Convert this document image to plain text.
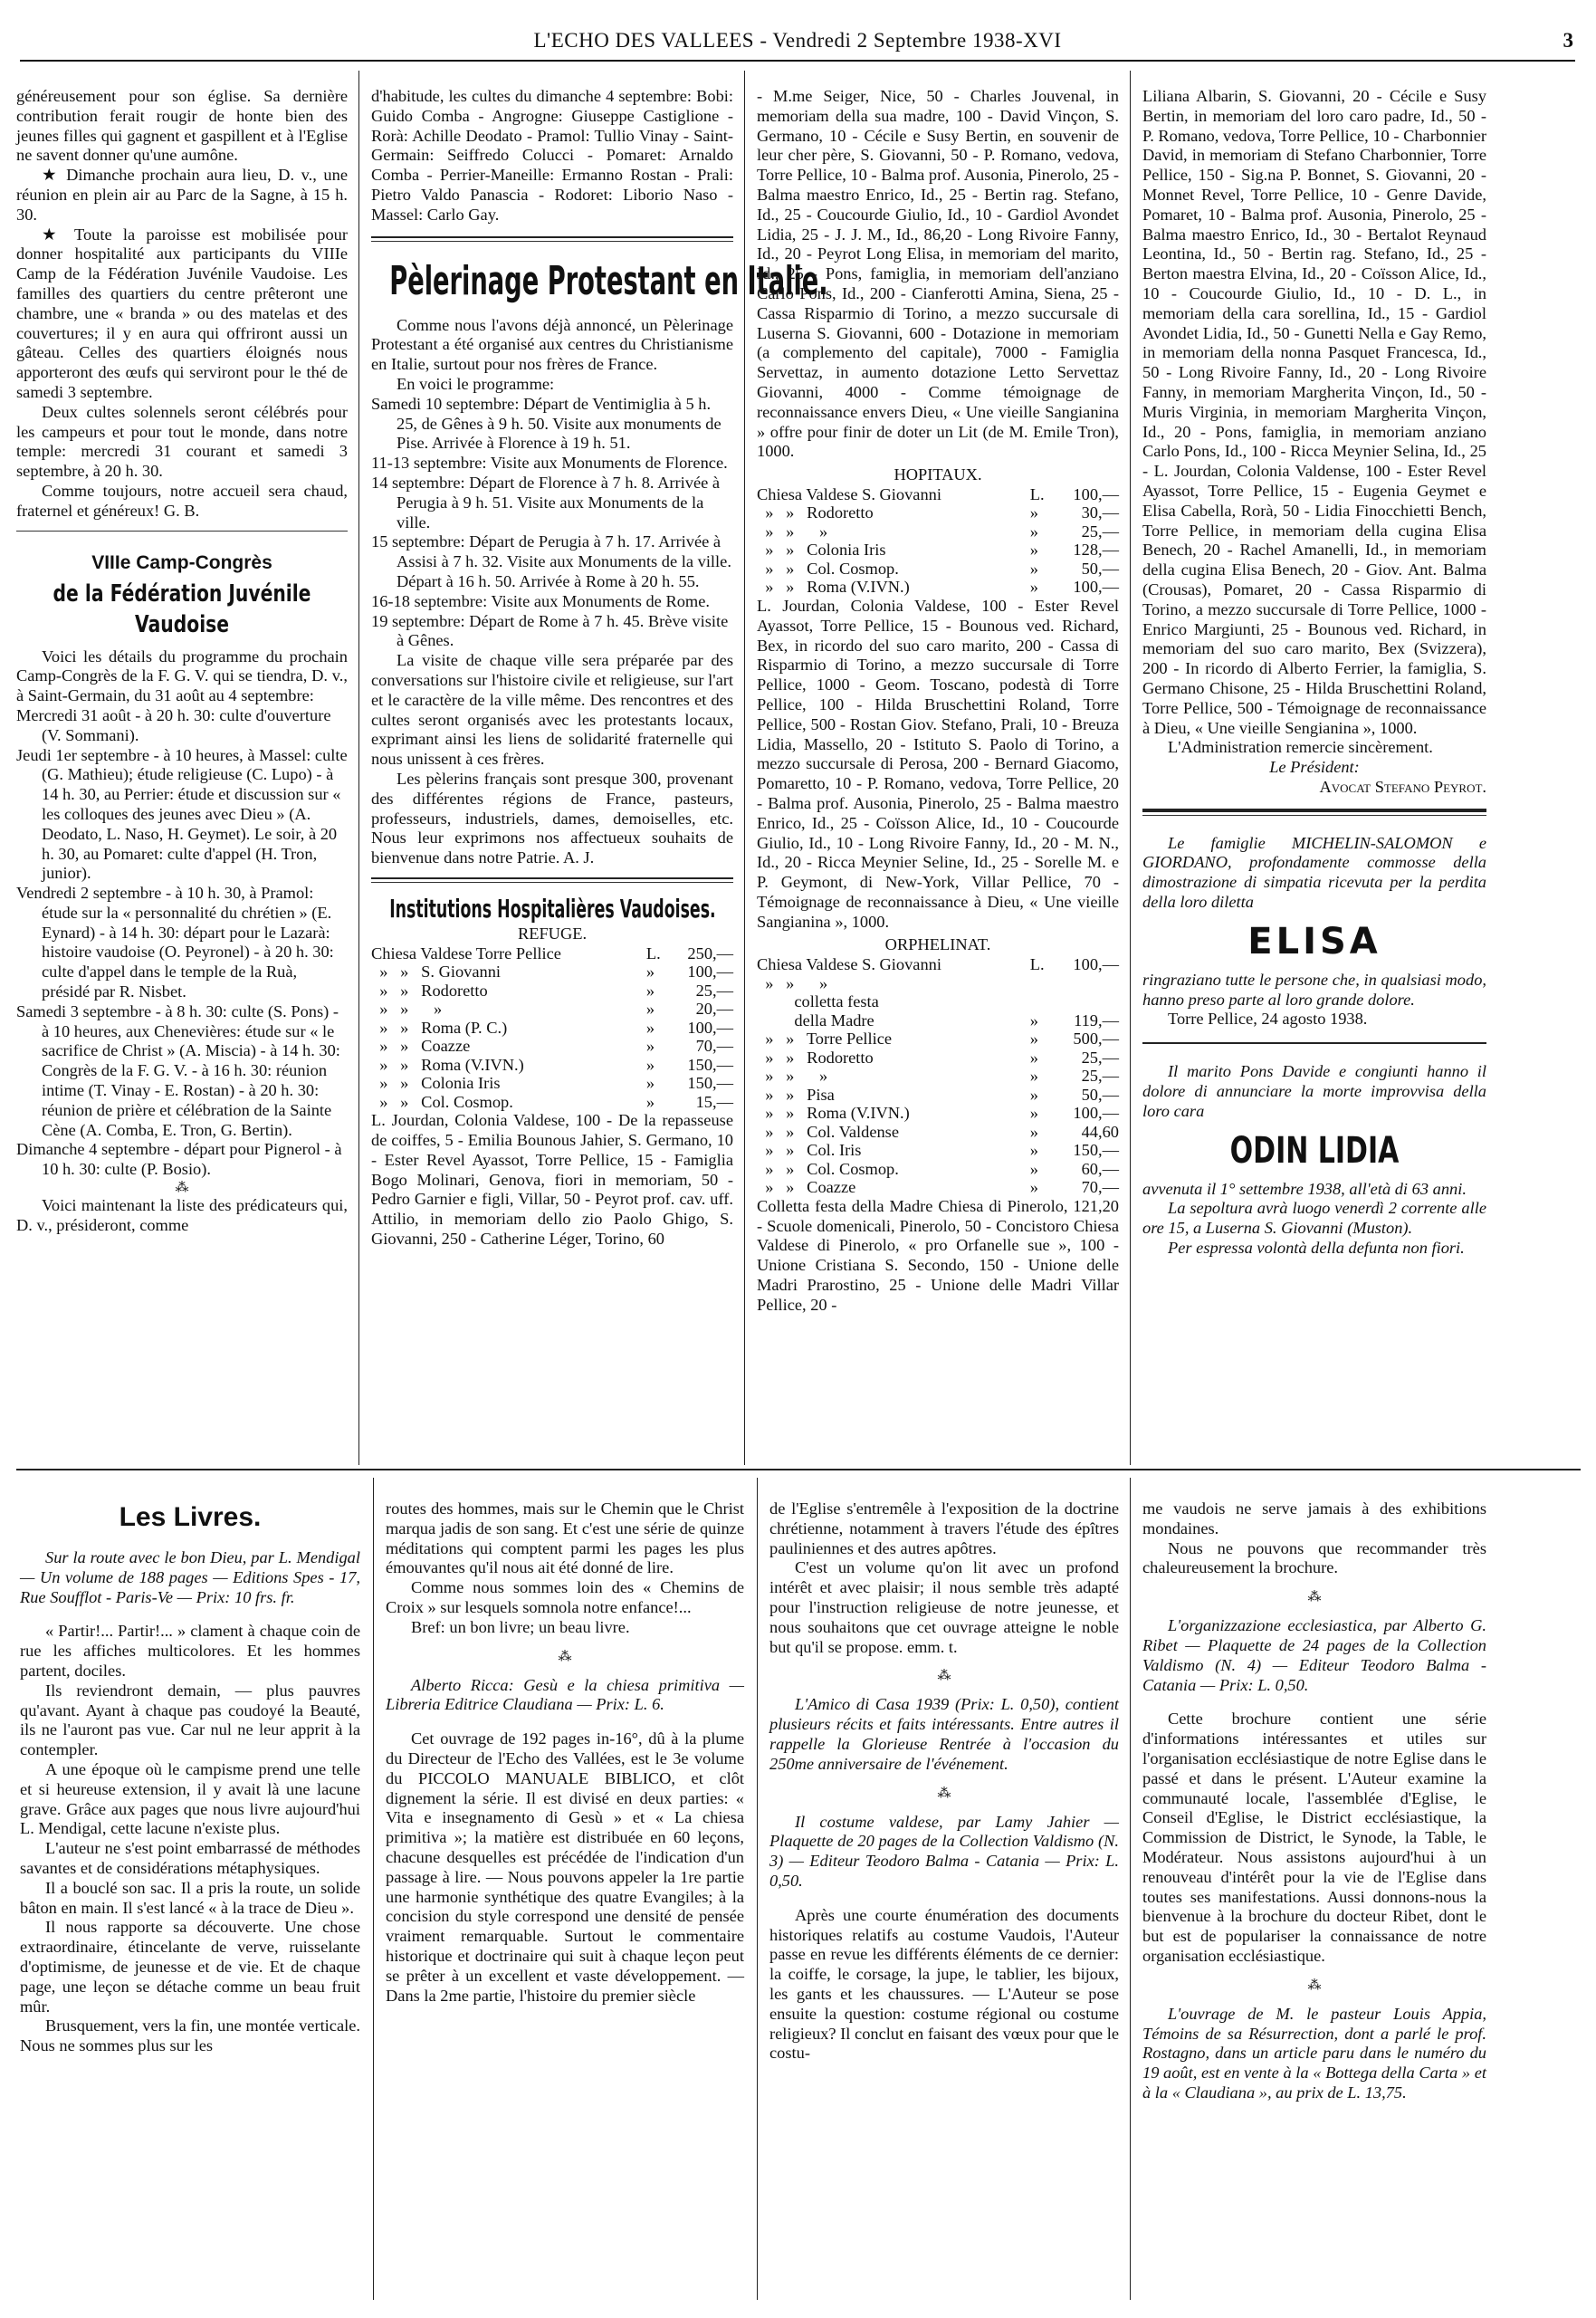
L'ECHO DES VALLEES - Vendredi 2 Septembre 1938-XVI	3

généreusement pour son église. Sa dernière contribution ferait rougir de honte bien des jeunes filles qui gagnent et gaspillent et à l'Eglise ne savent donner qu'une aumône.

★ Dimanche prochain aura lieu, D. v., une réunion en plein air au Parc de la Sagne, à 15 h. 30.

★ Toute la paroisse est mobilisée pour donner hospitalité aux participants du VIIIe Camp de la Fédération Juvénile Vaudoise. Les familles des quartiers du centre prêteront une chambre, une « branda » ou des matelas et des couvertures; il y en aura qui offriront aussi un gâteau. Celles des quartiers éloignés nous apporteront des œufs qui serviront pour le thé de samedi 3 septembre.

Deux cultes solennels seront célébrés pour les campeurs et pour tout le monde, dans notre temple: mercredi 31 courant et samedi 3 septembre, à 20 h. 30.

Comme toujours, notre accueil sera chaud, fraternel et généreux! G. B.

VIIIe Camp-Congrès
de la Fédération Juvénile Vaudoise

Voici les détails du programme du prochain Camp-Congrès de la F. G. V. qui se tiendra, D. v., à Saint-Germain, du 31 août au 4 septembre:

Mercredi 31 août - à 20 h. 30: culte d'ouverture (V. Sommani).

Jeudi 1er septembre - à 10 heures, à Massel: culte (G. Mathieu); étude religieuse (C. Lupo) - à 14 h. 30, au Perrier: étude et discussion sur « les colloques des jeunes avec Dieu » (A. Deodato, L. Naso, H. Geymet). Le soir, à 20 h. 30, au Pomaret: culte d'appel (H. Tron, junior).

Vendredi 2 septembre - à 10 h. 30, à Pramol: étude sur la « personnalité du chrétien » (E. Eynard) - à 14 h. 30: départ pour le Lazarà: histoire vaudoise (O. Peyronel) - à 20 h. 30: culte d'appel dans le temple de la Ruà, présidé par R. Nisbet.

Samedi 3 septembre - à 8 h. 30: culte (S. Pons) - à 10 heures, aux Chenevières: étude sur « le sacrifice de Christ » (A. Miscia) - à 14 h. 30: Congrès de la F. G. V. - à 16 h. 30: réunion intime (T. Vinay - E. Rostan) - à 20 h. 30: réunion de prière et célébration de la Sainte Cène (A. Comba, E. Tron, G. Bertin).

Dimanche 4 septembre - départ pour Pignerol - à 10 h. 30: culte (P. Bosio).

⁂

Voici maintenant la liste des prédicateurs qui, D. v., présideront, comme

d'habitude, les cultes du dimanche 4 septembre: Bobi: Guido Comba - Angrogne: Giuseppe Castiglione - Rorà: Achille Deodato - Pramol: Tullio Vinay - Saint-Germain: Seiffredo Colucci - Pomaret: Arnaldo Comba - Perrier-Maneille: Ermanno Rostan - Prali: Pietro Valdo Panascia - Rodoret: Liborio Naso - Massel: Carlo Gay.

Pèlerinage Protestant en Italie.

Comme nous l'avons déjà annoncé, un Pèlerinage Protestant a été organisé aux centres du Christianisme en Italie, surtout pour nos frères de France.

En voici le programme:

Samedi 10 septembre: Départ de Ventimiglia à 5 h. 25, de Gênes à 9 h. 50. Visite aux monuments de Pise. Arrivée à Florence à 19 h. 51.

11-13 septembre: Visite aux Monuments de Florence.

14 septembre: Départ de Florence à 7 h. 8. Arrivée à Perugia à 9 h. 51. Visite aux Monuments de la ville.

15 septembre: Départ de Perugia à 7 h. 17. Arrivée à Assisi à 7 h. 32. Visite aux Monuments de la ville. Départ à 16 h. 50. Arrivée à Rome à 20 h. 55.

16-18 septembre: Visite aux Monuments de Rome.

19 septembre: Départ de Rome à 7 h. 45. Brève visite à Gênes.

La visite de chaque ville sera préparée par des conversations sur l'histoire civile et religieuse, sur l'art et le caractère de la ville même. Des rencontres et des cultes seront organisés avec les protestants locaux, exprimant ainsi les liens de solidarité fraternelle qui nous unissent à ces frères.

Les pèlerins français sont presque 300, provenant des différentes régions de France, pasteurs, professeurs, industriels, dames, demoiselles, etc. Nous leur exprimons nos affectueux souhaits de bienvenue dans notre Patrie. A. J.

Institutions Hospitalières Vaudoises.
REFUGE.
Chiesa Valdese Torre Pellice	L.	250,—
»   »   S. Giovanni	»	100,—
»   »   Rodoretto	»	25,—
»   »      »	»	20,—
»   »   Roma (P. C.)	»	100,—
»   »   Coazze	»	70,—
»   »   Roma (V.IVN.)	»	150,—
»   »   Colonia Iris	»	150,—
»   »   Col. Cosmop.	»	15,—

L. Jourdan, Colonia Valdese, 100 - De la repasseuse de coiffes, 5 - Emilia Bounous Jahier, S. Germano, 10 - Ester Revel Ayassot, Torre Pellice, 15 - Famiglia Bogo Molinari, Genova, fiori in memoriam, 50 - Pedro Garnier e figli, Villar, 50 - Peyrot prof. cav. uff. Attilio, in memoriam dello zio Paolo Ghigo, S. Giovanni, 250 - Catherine Léger, Torino, 60

- M.me Seiger, Nice, 50 - Charles Jouvenal, in memoriam della sua madre, 100 - David Vinçon, S. Germano, 10 - Cécile e Susy Bertin, en souvenir de leur cher père, S. Giovanni, 50 - P. Romano, vedova, Torre Pellice, 10 - Balma prof. Ausonia, Pinerolo, 25 - Balma maestro Enrico, Id., 25 - Bertin rag. Stefano, Id., 25 - Coucourde Giulio, Id., 10 - Gardiol Avondet Lidia, 25 - J. J. M., Id., 86,20 - Long Rivoire Fanny, Id., 20 - Peyrot Long Elisa, in memoriam del marito, Id., 25 - Pons, famiglia, in memoriam dell'anziano Carlo Pons, Id., 200 - Cianferotti Amina, Siena, 25 - Cassa Risparmio di Torino, a mezzo succursale di Luserna S. Giovanni, 600 - Dotazione in memoriam (a complemento del capitale), 7000 - Famiglia Servettaz, in aumento dotazione Letto Servettaz Giovanni, 4000 - Comme témoignage de reconnaissance envers Dieu, « Une vieille Sangianina » offre pour finir de doter un Lit (de M. Emile Tron), 1000.

HOPITAUX.
Chiesa Valdese S. Giovanni	L.	100,—
»   »   Rodoretto	»	30,—
»   »      »	»	25,—
»   »   Colonia Iris	»	128,—
»   »   Col. Cosmop.	»	50,—
»   »   Roma (V.IVN.)	»	100,—

L. Jourdan, Colonia Valdese, 100 - Ester Revel Ayassot, Torre Pellice, 15 - Bounous ved. Richard, Bex, in ricordo del suo caro marito, 200 - Cassa di Risparmio di Torino, a mezzo succursale di Torre Pellice, 1000 - Geom. Toscano, podestà di Torre Pellice, 100 - Hilda Bruschettini Roland, Torre Pellice, 500 - Rostan Giov. Stefano, Prali, 10 - Breuza Lidia, Massello, 20 - Istituto S. Paolo di Torino, a mezzo succursale di Perosa, 200 - Bernard Giacomo, Pomaretto, 10 - P. Romano, vedova, Torre Pellice, 20 - Balma prof. Ausonia, Pinerolo, 25 - Balma maestro Enrico, Id., 25 - Coïsson Alice, Id., 10 - Coucourde Giulio, Id., 10 - Long Rivoire Fanny, Id., 20 - M. N., Id., 20 - Ricca Meynier Seline, Id., 25 - Sorelle M. e P. Geymont, di New-York, Villar Pellice, 70 - Témoignage de reconnaissance à Dieu, « Une vieille Sangianina », 1000.

ORPHELINAT.
Chiesa Valdese S. Giovanni	L.	100,—
»   »      »		
colletta festa		
della Madre	»	119,—
»   »   Torre Pellice	»	500,—
»   »   Rodoretto	»	25,—
»   »      »	»	25,—
»   »   Pisa	»	50,—
»   »   Roma (V.IVN.)	»	100,—
»   »   Col. Valdense	»	44,60
»   »   Col. Iris	»	150,—
»   »   Col. Cosmop.	»	60,—
»   »   Coazze	»	70,—

Colletta festa della Madre Chiesa di Pinerolo, 121,20 - Scuole domenicali, Pinerolo, 50 - Concistoro Chiesa Valdese di Pinerolo, « pro Orfanelle sue », 100 - Unione Cristiana S. Secondo, 150 - Unione delle Madri Prarostino, 25 - Unione delle Madri Villar Pellice, 20 -

Liliana Albarin, S. Giovanni, 20 - Cécile e Susy Bertin, in memoriam del loro caro padre, Id., 50 - P. Romano, vedova, Torre Pellice, 10 - Charbonnier David, in memoriam di Stefano Charbonnier, Torre Pellice, 150 - Sig.na P. Bonnet, S. Giovanni, 20 - Monnet Revel, Torre Pellice, 10 - Genre Davide, Pomaret, 10 - Balma prof. Ausonia, Pinerolo, 25 - Balma maestro Enrico, Id., 30 - Bertalot Reynaud Leontina, Id., 50 - Bertin rag. Stefano, Id., 25 - Berton maestra Elvina, Id., 20 - Coïsson Alice, Id., 10 - Coucourde Giulio, Id., 10 - D. L., in memoriam della cara sorellina, Id., 15 - Gardiol Avondet Lidia, Id., 50 - Gunetti Nella e Gay Remo, in memoriam della nonna Pasquet Francesca, Id., 50 - Long Rivoire Fanny, Id., 20 - Long Rivoire Fanny, in memoriam Margherita Vinçon, Id., 50 - Muris Virginia, in memoriam Margherita Vinçon, Id., 20 - Pons, famiglia, in memoriam anziano Carlo Pons, Id., 100 - Ricca Meynier Selina, Id., 25 - L. Jourdan, Colonia Valdense, 100 - Ester Revel Ayassot, Torre Pellice, 15 - Eugenia Geymet e Elisa Cabella, Rorà, 50 - Lidia Finocchietti Bench, Torre Pellice, in memoriam della cugina Elisa Benech, 20 - Rachel Amanelli, Id., in memoriam della cugina Elisa Benech, 20 - Giov. Ant. Balma (Crousas), Pomaret, 20 - Cassa Risparmio di Torino, a mezzo succursale di Torre Pellice, 1000 - Enrico Margiunti, 25 - Bounous ved. Richard, in memoriam del suo caro marito, Bex (Svizzera), 200 - In ricordo di Alberto Ferrier, la famiglia, S. Germano Chisone, 25 - Hilda Bruschettini Roland, Torre Pellice, 500 - Témoignage de reconnaissance à Dieu, « Une vieille Sengianina », 1000.

L'Administration remercie sincèrement.

Le Président:
Avocat Stefano Peyrot.

Le famiglie MICHELIN-SALOMON e GIORDANO, profondamente commosse della dimostrazione di simpatia ricevuta per la perdita della loro diletta

ELISA

ringraziano tutte le persone che, in qualsiasi modo, hanno preso parte al loro grande dolore.

Torre Pellice, 24 agosto 1938.

Il marito Pons Davide e congiunti hanno il dolore di annunciare la morte improvvisa della loro cara

ODIN LIDIA

avvenuta il 1° settembre 1938, all'età di 63 anni.

La sepoltura avrà luogo venerdì 2 corrente alle ore 15, a Luserna S. Giovanni (Muston).

Per espressa volontà della defunta non fiori.

Les Livres.

Sur la route avec le bon Dieu, par L. Mendigal — Un volume de 188 pages — Editions Spes - 17, Rue Soufflot - Paris-Ve — Prix: 10 frs. fr.

« Partir!... Partir!... » clament à chaque coin de rue les affiches multicolores. Et les hommes partent, dociles.

Ils reviendront demain, — plus pauvres qu'avant. Ayant à chaque pas coudoyé la Beauté, ils ne l'auront pas vue. Car nul ne leur apprit à la contempler.

A une époque où le campisme prend une telle et si heureuse extension, il y avait là une lacune grave. Grâce aux pages que nous livre aujourd'hui L. Mendigal, cette lacune n'existe plus.

L'auteur ne s'est point embarrassé de méthodes savantes et de considérations métaphysiques.

Il a bouclé son sac. Il a pris la route, un solide bâton en main. Il s'est lancé « à la trace de Dieu ».

Il nous rapporte sa découverte. Une chose extraordinaire, étincelante de verve, ruisselante d'optimisme, de jeunesse et de vie. Et de chaque page, une leçon se détache comme un beau fruit mûr.

Brusquement, vers la fin, une montée verticale. Nous ne sommes plus sur les

routes des hommes, mais sur le Chemin que le Christ marqua jadis de son sang. Et c'est une série de quinze méditations qui comptent parmi les pages les plus émouvantes qu'il nous ait été donné de lire.

Comme nous sommes loin des « Chemins de Croix » sur lesquels somnola notre enfance!...

Bref: un bon livre; un beau livre.

⁂

Alberto Ricca: Gesù e la chiesa primitiva — Libreria Editrice Claudiana — Prix: L. 6.

Cet ouvrage de 192 pages in-16°, dû à la plume du Directeur de l'Echo des Vallées, est le 3e volume du PICCOLO MANUALE BIBLICO, et clôt dignement la série. Il est divisé en deux parties: « Vita e insegnamento di Gesù » et « La chiesa primitiva »; la matière est distribuée en 60 leçons, chacune desquelles est précédée de l'indication d'un passage à lire. — Nous pouvons appeler la 1re partie une harmonie synthétique des quatre Evangiles; à la concision du style correspond une densité de pensée vraiment remarquable. Surtout le commentaire historique et doctrinaire qui suit à chaque leçon peut se prêter à un excellent et vaste développement. — Dans la 2me partie, l'histoire du premier siècle

de l'Eglise s'entremêle à l'exposition de la doctrine chrétienne, notamment à travers l'étude des épîtres pauliniennes et des autres apôtres.

C'est un volume qu'on lit avec un profond intérêt et avec plaisir; il nous semble très adapté pour l'instruction religieuse de notre jeunesse, et nous souhaitons que cet ouvrage atteigne le noble but qu'il se propose. emm. t.

⁂

L'Amico di Casa 1939 (Prix: L. 0,50), contient plusieurs récits et faits intéressants. Entre autres il rappelle la Glorieuse Rentrée à l'occasion du 250me anniversaire de l'événement.

⁂

Il costume valdese, par Lamy Jahier — Plaquette de 20 pages de la Collection Valdismo (N. 3) — Editeur Teodoro Balma - Catania — Prix: L. 0,50.

Après une courte énumération des documents historiques relatifs au costume Vaudois, l'Auteur passe en revue les différents éléments de ce dernier: la coiffe, le corsage, la jupe, le tablier, les bijoux, les gants et les chaussures. — L'Auteur se pose ensuite la question: costume régional ou costume religieux? Il conclut en faisant des vœux pour que le costu-

me vaudois ne serve jamais à des exhibitions mondaines.

Nous ne pouvons que recommander très chaleureusement la brochure.

⁂

L'organizzazione ecclesiastica, par Alberto G. Ribet — Plaquette de 24 pages de la Collection Valdismo (N. 4) — Editeur Teodoro Balma - Catania — Prix: L. 0,50.

Cette brochure contient une série d'informations intéressantes et utiles sur l'organisation ecclésiastique de notre Eglise dans le passé et dans le présent. L'Auteur examine la communauté locale, l'assemblée d'Eglise, le Conseil d'Eglise, le District ecclésiastique, la Commission de District, le Synode, la Table, le Modérateur. Nous assistons aujourd'hui à un renouveau d'intérêt pour la vie de l'Eglise dans toutes ses manifestations. Aussi donnons-nous la bienvenue à la brochure du docteur Ribet, dont le but est de populariser la connaissance de notre organisation ecclésiastique.

⁂

L'ouvrage de M. le pasteur Louis Appia, Témoins de sa Résurrection, dont a parlé le prof. Rostagno, dans un article paru dans le numéro du 19 août, est en vente à la « Bottega della Carta » et à la « Claudiana », au prix de L. 13,75.
